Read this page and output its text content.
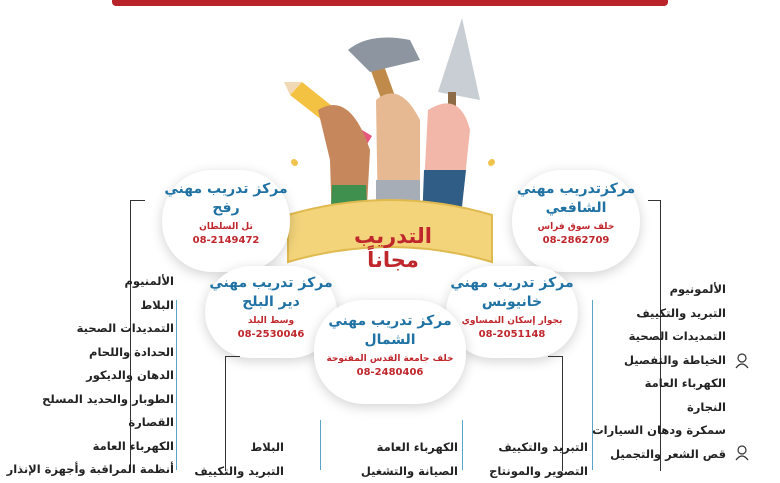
التدريب مجاناً
مركز تدريب مهني رفح
تل السلطان
08-2149472
مركزتدريب مهني الشافعي
خلف سوق فراس
08-2862709
مركز تدريب مهني دير البلح
وسط البلد
08-2530046
مركز تدريب مهني خانيونس
بجوار إسكان النمساوي
08-2051148
مركز تدريب مهني الشمال
خلف جامعة القدس المفتوحة
08-2480406
الألمنيوم
البلاط
التمديدات الصحية
الحدادة واللحام
الدهان والديكور
الطوبار والحديد المسلح
القصارة
الكهرباء العامة
أنظمة المراقبة وأجهزة الإنذار
الألمونيوم
التبريد والتكييف
التمديدات الصحية
الخياطة والتفصيل
الكهرباء العامة
النجارة
سمكرة ودهان السيارات
قص الشعر والتجميل
البلاط
التبريد والتكييف
الكهرباء العامة
الصيانة والتشغيل
التبريد والتكييف
التصوير والمونتاج
